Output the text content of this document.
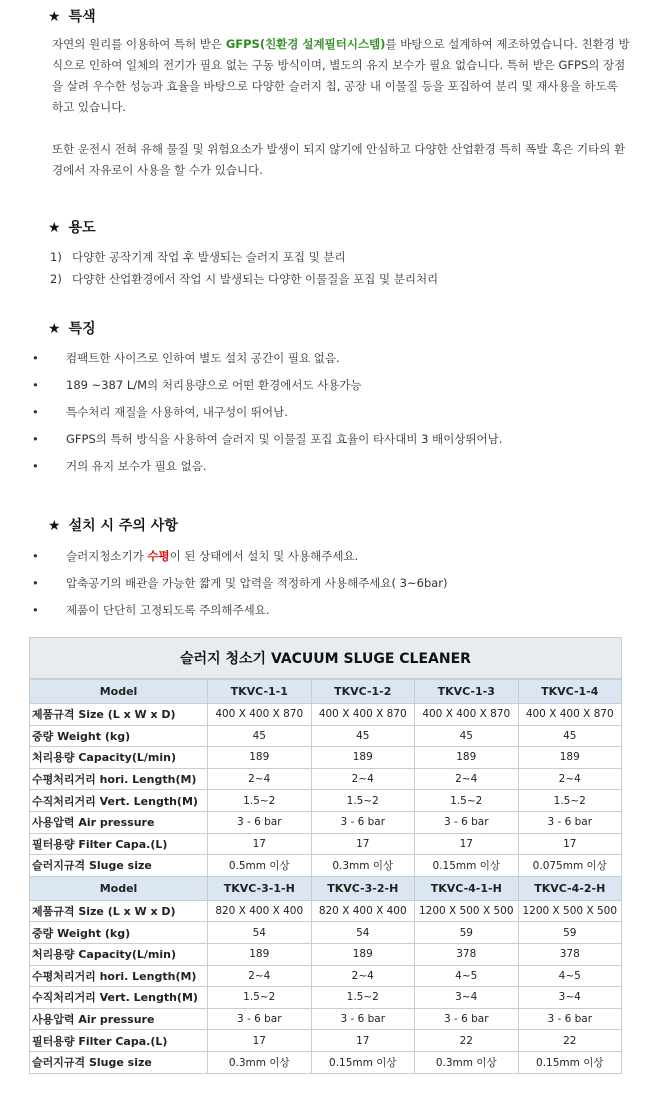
★ 특색
자연의 원리를 이용하여 특허 받은 GFPS(친환경 설계필터시스템)를 바탕으로 설계하여 제조하였습니다. 친환경 방식으로 인하여 일체의 전기가 필요 없는 구동 방식이며, 별도의 유지 보수가 필요 없습니다. 특허 받은 GFPS의 장점을 살려 우수한 성능과 효율을 바탕으로 다양한 슬러지 칩, 공장 내 이물질 등을 포집하여 분리 및 재사용을 하도록 하고 있습니다.
또한 운전시 전혀 유해 물질 및 위험요소가 발생이 되지 않기에 안심하고 다양한 산업환경 특히 폭발 혹은 기타의 환경에서 자유로이 사용을 할 수가 있습니다.
★ 용도
1) 다양한 공작기계 작업 후 발생되는 슬러지 포집 및 분리
2) 다양한 산업환경에서 작업 시 발생되는 다양한 이물질을 포집 및 분리처리
★ 특징
• 컴팩트한 사이즈로 인하여 별도 설치 공간이 필요 없음.
• 189 ~387 L/M의 처리용량으로 어떤 환경에서도 사용가능
• 특수처리 재질을 사용하여, 내구성이 뛰어남.
• GFPS의 특허 방식을 사용하여 슬러지 및 이물질 포집 효율이 타사대비 3 배이상뛰어남.
• 거의 유지 보수가 필요 없음.
★ 설치 시 주의 사항
• 슬러지청소기가 수평이 된 상태에서 설치 및 사용해주세요.
• 압축공기의 배관을 가능한 짧게 및 압력을 적정하게 사용해주세요( 3~6bar)
• 제품이 단단히 고정되도록 주의해주세요.
슬러지 청소기 VACUUM SLUGE CLEANER
Model	TKVC-1-1	TKVC-1-2	TKVC-1-3	TKVC-1-4
제품규격 Size (L x W x D)	400 X 400 X 870	400 X 400 X 870	400 X 400 X 870	400 X 400 X 870
중량 Weight (kg)	45	45	45	45
처리용량 Capacity(L/min)	189	189	189	189
수평처리거리 hori. Length(M)	2~4	2~4	2~4	2~4
수직처리거리 Vert. Length(M)	1.5~2	1.5~2	1.5~2	1.5~2
사용압력 Air pressure	3 - 6 bar	3 - 6 bar	3 - 6 bar	3 - 6 bar
필터용량 Filter Capa.(L)	17	17	17	17
슬러지규격 Sluge size	0.5mm 이상	0.3mm 이상	0.15mm 이상	0.075mm 이상
Model	TKVC-3-1-H	TKVC-3-2-H	TKVC-4-1-H	TKVC-4-2-H
제품규격 Size (L x W x D)	820 X 400 X 400	820 X 400 X 400	1200 X 500 X 500	1200 X 500 X 500
중량 Weight (kg)	54	54	59	59
처리용량 Capacity(L/min)	189	189	378	378
수평처리거리 hori. Length(M)	2~4	2~4	4~5	4~5
수직처리거리 Vert. Length(M)	1.5~2	1.5~2	3~4	3~4
사용압력 Air pressure	3 - 6 bar	3 - 6 bar	3 - 6 bar	3 - 6 bar
필터용량 Filter Capa.(L)	17	17	22	22
슬러지규격 Sluge size	0.3mm 이상	0.15mm 이상	0.3mm 이상	0.15mm 이상
